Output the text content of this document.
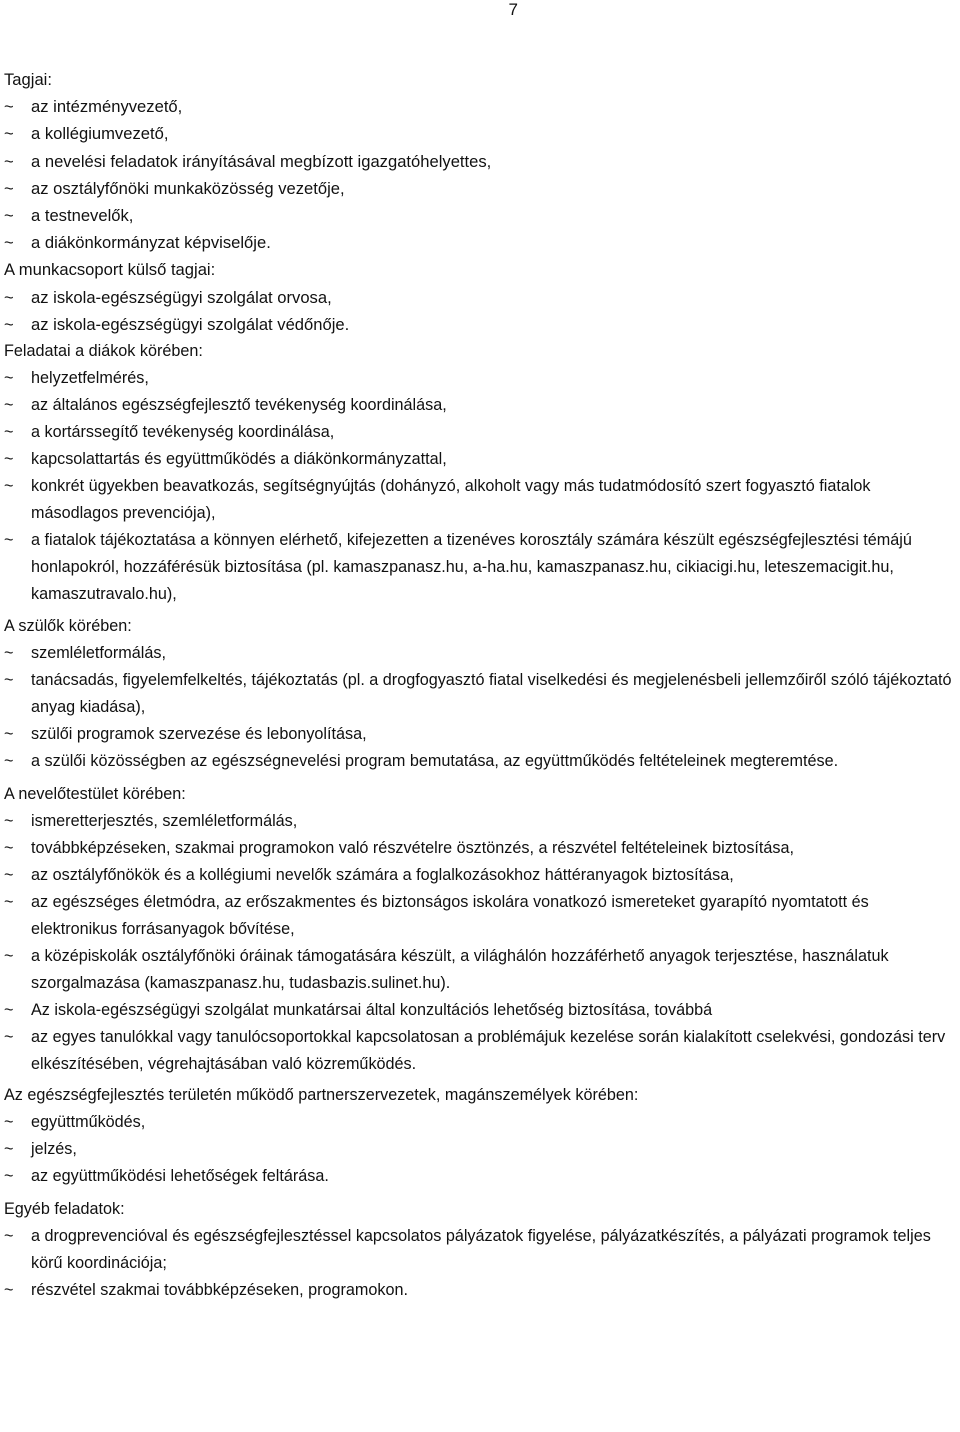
7

Tagjai:

~ az intézményvezető,
~ a kollégiumvezető,
~ a nevelési feladatok irányításával megbízott igazgatóhelyettes,
~ az osztályfőnöki munkaközösség vezetője,
~ a testnevelők,
~ a diákönkormányzat képviselője.

A munkacsoport külső tagjai:

~ az iskola-egészségügyi szolgálat orvosa,
~ az iskola-egészségügyi szolgálat védőnője.

Feladatai a diákok körében:

~ helyzetfelmérés,
~ az általános egészségfejlesztő tevékenység koordinálása,
~ a kortárssegítő tevékenység koordinálása,
~ kapcsolattartás és együttműködés a diákönkormányzattal,
~ konkrét ügyekben beavatkozás, segítségnyújtás (dohányzó, alkoholt vagy más tudatmódosító szert fogyasztó fiatalok másodlagos prevenciója),
~ a fiatalok tájékoztatása a könnyen elérhető, kifejezetten a tizenéves korosztály számára készült egészségfejlesztési témájú honlapokról, hozzáférésük biztosítása (pl. kamaszpanasz.hu, a-ha.hu, kamaszpanasz.hu, cikiacigi.hu, leteszemacigit.hu, kamaszutravalo.hu),

A szülők körében:

~ szemléletformálás,
~ tanácsadás, figyelemfelkeltés, tájékoztatás (pl. a drogfogyasztó fiatal viselkedési és megjelenésbeli jellemzőiről szóló tájékoztató anyag kiadása),
~ szülői programok szervezése és lebonyolítása,
~ a szülői közösségben az egészségnevelési program bemutatása, az együttműködés feltételeinek megteremtése.

A nevelőtestület körében:

~ ismeretterjesztés, szemléletformálás,
~ továbbképzéseken, szakmai programokon való részvételre ösztönzés, a részvétel feltételeinek biztosítása,
~ az osztályfőnökök és a kollégiumi nevelők számára a foglalkozásokhoz háttéranyagok biztosítása,
~ az egészséges életmódra, az erőszakmentes és biztonságos iskolára vonatkozó ismereteket gyarapító nyomtatott és elektronikus forrásanyagok bővítése,
~ a középiskolák osztályfőnöki óráinak támogatására készült, a világhálón hozzáférhető anyagok terjesztése, használatuk szorgalmazása (kamaszpanasz.hu, tudasbazis.sulinet.hu).
~ Az iskola-egészségügyi szolgálat munkatársai által konzultációs lehetőség biztosítása, továbbá
~ az egyes tanulókkal vagy tanulócsoportokkal kapcsolatosan a problémájuk kezelése során kialakított cselekvési, gondozási terv elkészítésében, végrehajtásában való közreműködés.

Az egészségfejlesztés területén működő partnerszervezetek, magánszemélyek körében:

~ együttműködés,
~ jelzés,
~ az együttműködési lehetőségek feltárása.

Egyéb feladatok:

~ a drogprevencióval és egészségfejlesztéssel kapcsolatos pályázatok figyelése, pályázatkészítés, a pályázati programok teljes körű koordinációja;
~ részvétel szakmai továbbképzéseken, programokon.
